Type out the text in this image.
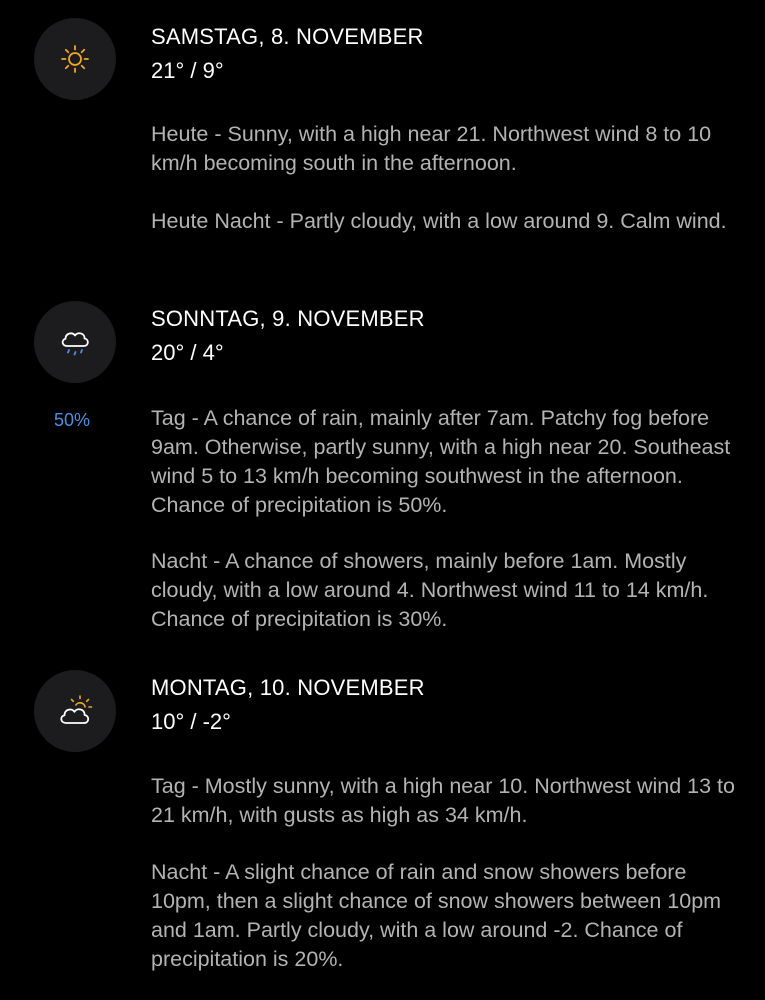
SAMSTAG, 8. NOVEMBER
21° / 9°

Heute - Sunny, with a high near 21. Northwest wind 8 to 10 km/h becoming south in the afternoon.

Heute Nacht - Partly cloudy, with a low around 9. Calm wind.

SONNTAG, 9. NOVEMBER
20° / 4°
50%	Tag - A chance of rain, mainly after 7am. Patchy fog before 9am. Otherwise, partly sunny, with a high near 20. Southeast wind 5 to 13 km/h becoming southwest in the afternoon. Chance of precipitation is 50%.

Nacht - A chance of showers, mainly before 1am. Mostly cloudy, with a low around 4. Northwest wind 11 to 14 km/h. Chance of precipitation is 30%.

MONTAG, 10. NOVEMBER
10° / -2°

Tag - Mostly sunny, with a high near 10. Northwest wind 13 to 21 km/h, with gusts as high as 34 km/h.

Nacht - A slight chance of rain and snow showers before 10pm, then a slight chance of snow showers between 10pm and 1am. Partly cloudy, with a low around -2. Chance of precipitation is 20%.
